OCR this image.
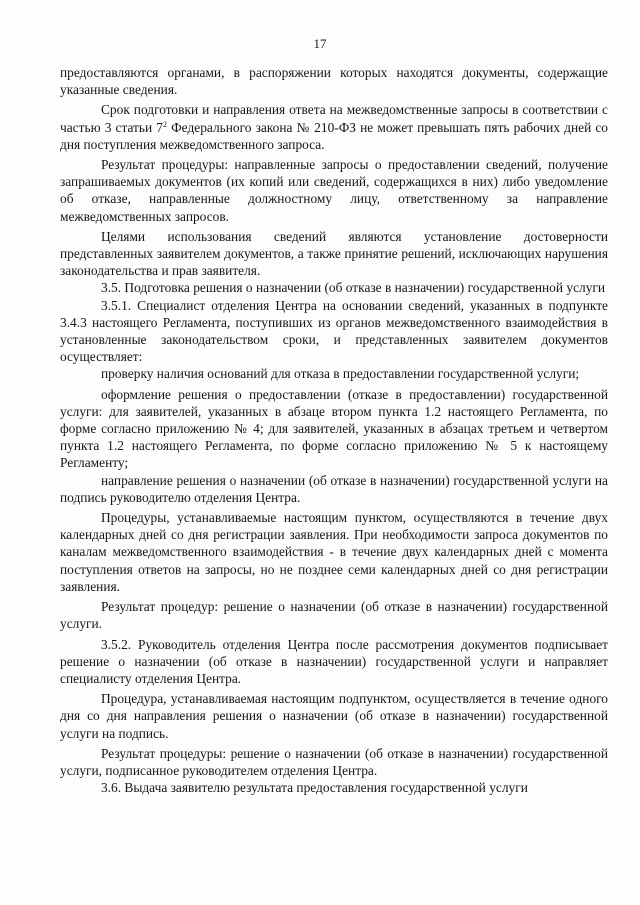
17

предоставляются органами, в распоряжении которых находятся документы, содержащие указанные сведения.

Срок подготовки и направления ответа на межведомственные запросы в соответствии с частью 3 статьи $7^2$ Федерального закона № 210-ФЗ не может превышать пять рабочих дней со дня поступления межведомственного запроса.

Результат процедуры: направленные запросы о предоставлении сведений, получение запрашиваемых документов (их копий или сведений, содержащихся в них) либо уведомление об отказе, направленные должностному лицу, ответственному за направление межведомственных запросов.

Целями использования сведений являются установление достоверности представленных заявителем документов, а также принятие решений, исключающих нарушения законодательства и прав заявителя.

3.5. Подготовка решения о назначении (об отказе в назначении) государственной услуги

3.5.1. Специалист отделения Центра на основании сведений, указанных в подпункте 3.4.3 настоящего Регламента, поступивших из органов межведомственного взаимодействия в установленные законодательством сроки, и представленных заявителем документов осуществляет:

проверку наличия оснований для отказа в предоставлении государственной услуги;

оформление решения о предоставлении (отказе в предоставлении) государственной услуги: для заявителей, указанных в абзаце втором пункта 1.2 настоящего Регламента, по форме согласно приложению № 4; для заявителей, указанных в абзацах третьем и четвертом пункта 1.2 настоящего Регламента, по форме согласно приложению № 5 к настоящему Регламенту;

направление решения о назначении (об отказе в назначении) государственной услуги на подпись руководителю отделения Центра.

Процедуры, устанавливаемые настоящим пунктом, осуществляются в течение двух календарных дней со дня регистрации заявления. При необходимости запроса документов по каналам межведомственного взаимодействия - в течение двух календарных дней с момента поступления ответов на запросы, но не позднее семи календарных дней со дня регистрации заявления.

Результат процедур: решение о назначении (об отказе в назначении) государственной услуги.

3.5.2. Руководитель отделения Центра после рассмотрения документов подписывает решение о назначении (об отказе в назначении) государственной услуги и направляет специалисту отделения Центра.

Процедура, устанавливаемая настоящим подпунктом, осуществляется в течение одного дня со дня направления решения о назначении (об отказе в назначении) государственной услуги на подпись.

Результат процедуры: решение о назначении (об отказе в назначении) государственной услуги, подписанное руководителем отделения Центра.

3.6. Выдача заявителю результата предоставления государственной услуги
